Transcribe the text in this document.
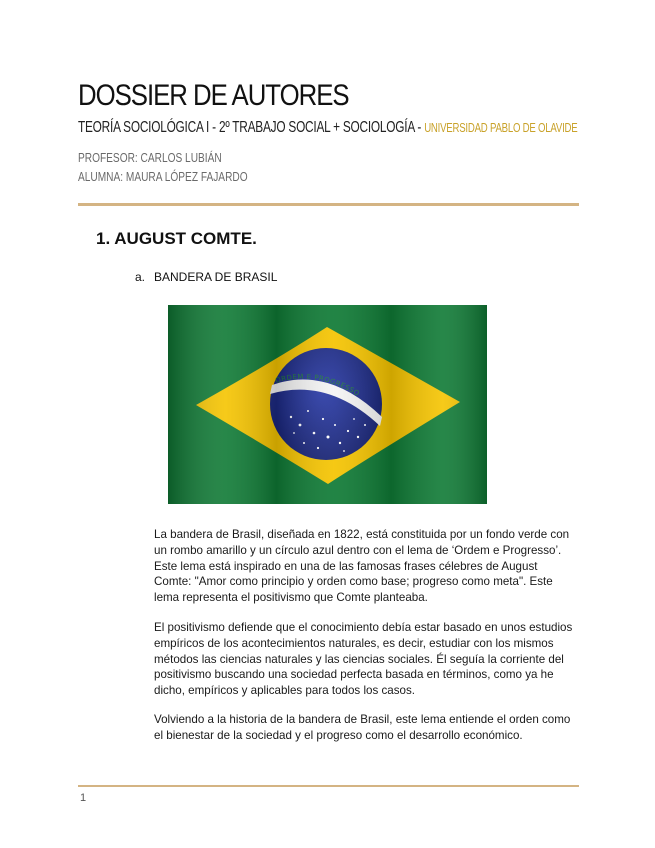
DOSSIER DE AUTORES
TEORÍA SOCIOLÓGICA I - 2º TRABAJO SOCIAL + SOCIOLOGÍA - UNIVERSIDAD PABLO DE OLAVIDE
PROFESOR: CARLOS LUBIÁN
ALUMNA: MAURA LÓPEZ FAJARDO
1. AUGUST COMTE.
a. BANDERA DE BRASIL

La bandera de Brasil, diseñada en 1822, está constituida por un fondo verde con un rombo amarillo y un círculo azul dentro con el lema de ‘Ordem e Progresso’. Este lema está inspirado en una de las famosas frases célebres de August Comte: "Amor como principio y orden como base; progreso como meta". Este lema representa el positivismo que Comte planteaba.

El positivismo defiende que el conocimiento debía estar basado en unos estudios empíricos de los acontecimientos naturales, es decir, estudiar con los mismos métodos las ciencias naturales y las ciencias sociales. Él seguía la corriente del positivismo buscando una sociedad perfecta basada en términos, como ya he dicho, empíricos y aplicables para todos los casos.

Volviendo a la historia de la bandera de Brasil, este lema entiende el orden como el bienestar de la sociedad y el progreso como el desarrollo económico.

1
